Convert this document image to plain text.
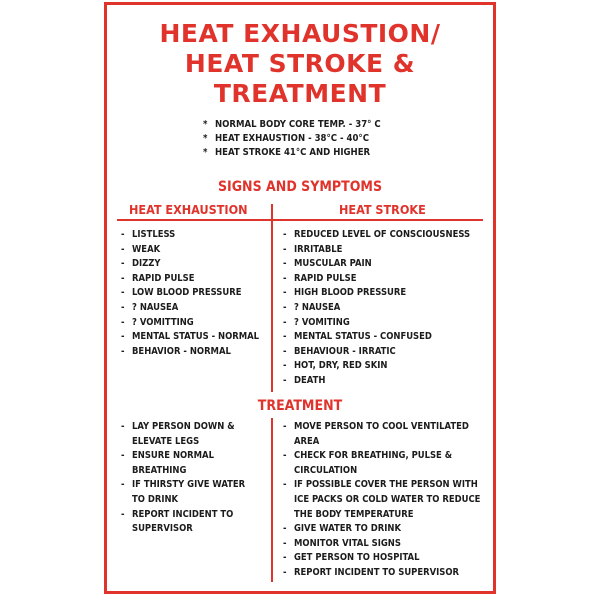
HEAT EXHAUSTION/
HEAT STROKE &
TREATMENT
* NORMAL BODY CORE TEMP. - 37° C
* HEAT EXHAUSTION - 38°C - 40°C
* HEAT STROKE 41°C AND HIGHER
SIGNS AND SYMPTOMS
HEAT EXHAUSTION	HEAT STROKE
- LISTLESS
- WEAK
- DIZZY
- RAPID PULSE
- LOW BLOOD PRESSURE
- ? NAUSEA
- ? VOMITTING
- MENTAL STATUS - NORMAL
- BEHAVIOR - NORMAL
- REDUCED LEVEL OF CONSCIOUSNESS
- IRRITABLE
- MUSCULAR PAIN
- RAPID PULSE
- HIGH BLOOD PRESSURE
- ? NAUSEA
- ? VOMITING
- MENTAL STATUS - CONFUSED
- BEHAVIOUR - IRRATIC
- HOT, DRY, RED SKIN
- DEATH
TREATMENT
- LAY PERSON DOWN &
ELEVATE LEGS
- ENSURE NORMAL
BREATHING
- IF THIRSTY GIVE WATER
TO DRINK
- REPORT INCIDENT TO
SUPERVISOR
- MOVE PERSON TO COOL VENTILATED
AREA
- CHECK FOR BREATHING, PULSE &
CIRCULATION
- IF POSSIBLE COVER THE PERSON WITH
ICE PACKS OR COLD WATER TO REDUCE
THE BODY TEMPERATURE
- GIVE WATER TO DRINK
- MONITOR VITAL SIGNS
- GET PERSON TO HOSPITAL
- REPORT INCIDENT TO SUPERVISOR
